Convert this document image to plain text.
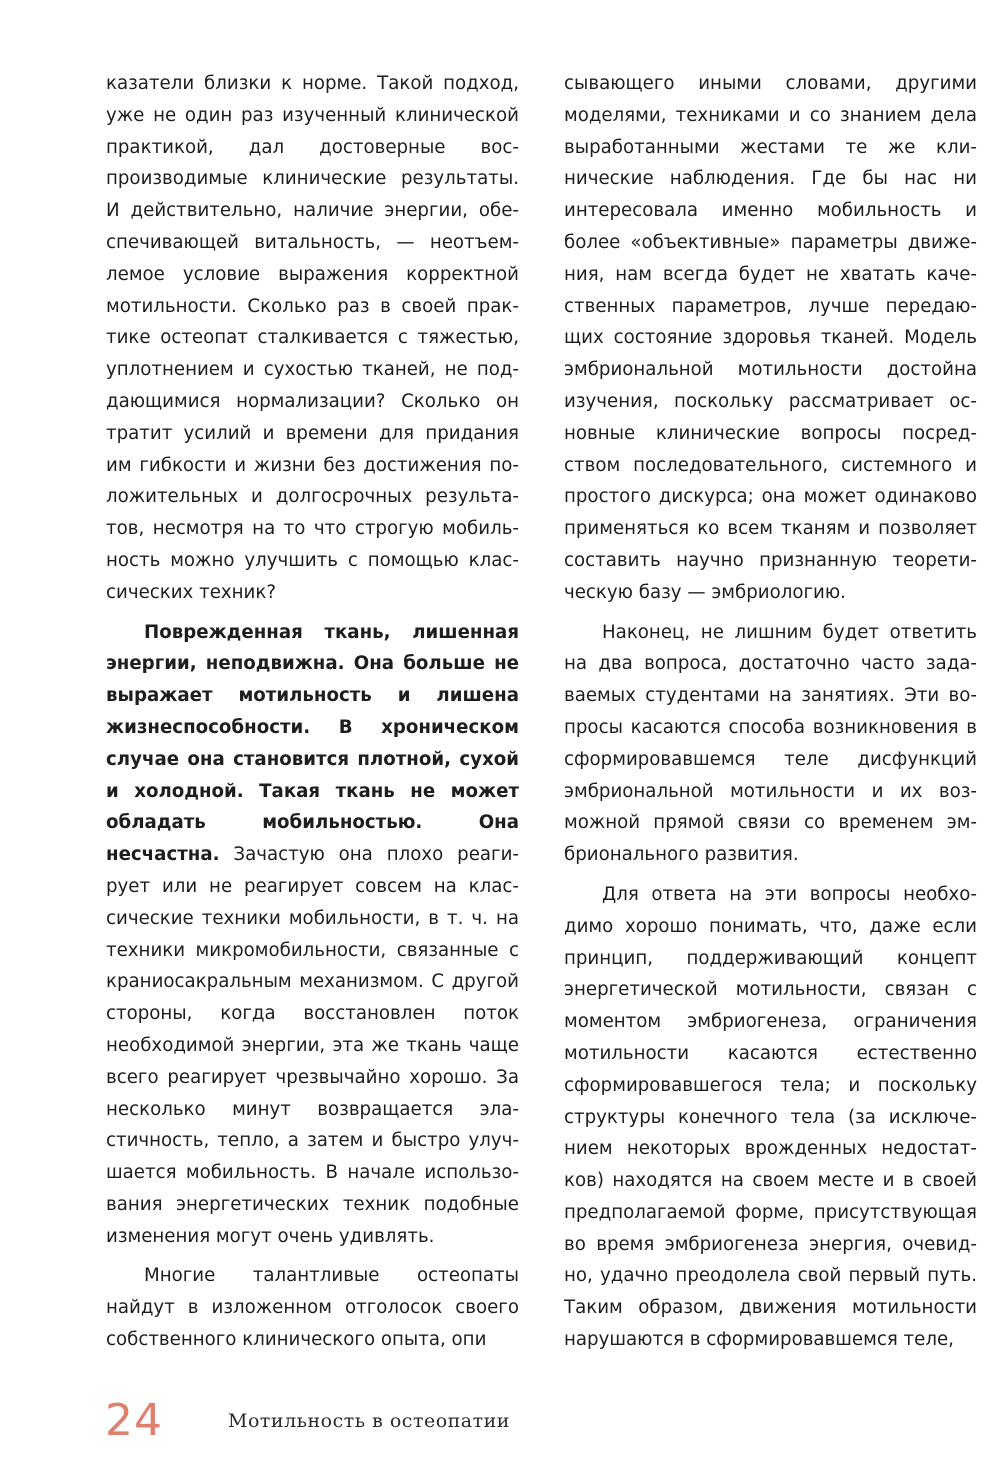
казатели близки к норме. Такой подход, уже не один раз изученный клинической практикой, дал достоверные воспроизводимые клинические результаты. И действительно, наличие энергии, обеспечивающей витальность, — неотъемлемое условие выражения корректной мотильности. Сколько раз в своей практике остеопат сталкивается с тяжестью, уплотнением и сухостью тканей, не поддающимися нормализации? Сколько он тратит усилий и времени для придания им гибкости и жизни без достижения положительных и долгосрочных результатов, несмотря на то что строгую мобильность можно улучшить с помощью классических техник?

Поврежденная ткань, лишенная энергии, неподвижна. Она больше не выражает мотильность и лишена жизнеспособности. В хроническом случае она становится плотной, сухой и холодной. Такая ткань не может обладать мобильностью. Она несчастна. Зачастую она плохо реагирует или не реагирует совсем на классические техники мобильности, в т. ч. на техники микромобильности, связанные с краниосакральным механизмом. С другой стороны, когда восстановлен поток необходимой энергии, эта же ткань чаще всего реагирует чрезвычайно хорошо. За несколько минут возвращается эластичность, тепло, а затем и быстро улучшается мобильность. В начале использования энергетических техник подобные изменения могут очень удивлять.

Многие талантливые остеопаты найдут в изложенном отголосок своего собственного клинического опыта, опи

сывающего иными словами, другими моделями, техниками и со знанием дела выработанными жестами те же клинические наблюдения. Где бы нас ни интересовала именно мобильность и более «объективные» параметры движения, нам всегда будет не хватать качественных параметров, лучше передающих состояние здоровья тканей. Модель эмбриональной мотильности достойна изучения, поскольку рассматривает основные клинические вопросы посредством последовательного, системного и простого дискурса; она может одинаково применяться ко всем тканям и позволяет составить научно признанную теоретическую базу — эмбриологию.

Наконец, не лишним будет ответить на два вопроса, достаточно часто задаваемых студентами на занятиях. Эти вопросы касаются способа возникновения в сформировавшемся теле дисфункций эмбриональной мотильности и их возможной прямой связи со временем эмбрионального развития.

Для ответа на эти вопросы необходимо хорошо понимать, что, даже если принцип, поддерживающий концепт энергетической мотильности, связан с моментом эмбриогенеза, ограничения мотильности касаются естественно сформировавшегося тела; и поскольку структуры конечного тела (за исключением некоторых врожденных недостатков) находятся на своем месте и в своей предполагаемой форме, присутствующая во время эмбриогенеза энергия, очевидно, удачно преодолела свой первый путь. Таким образом, движения мотильности нарушаются в сформировавшемся теле,

24	Мотильность в остеопатии
